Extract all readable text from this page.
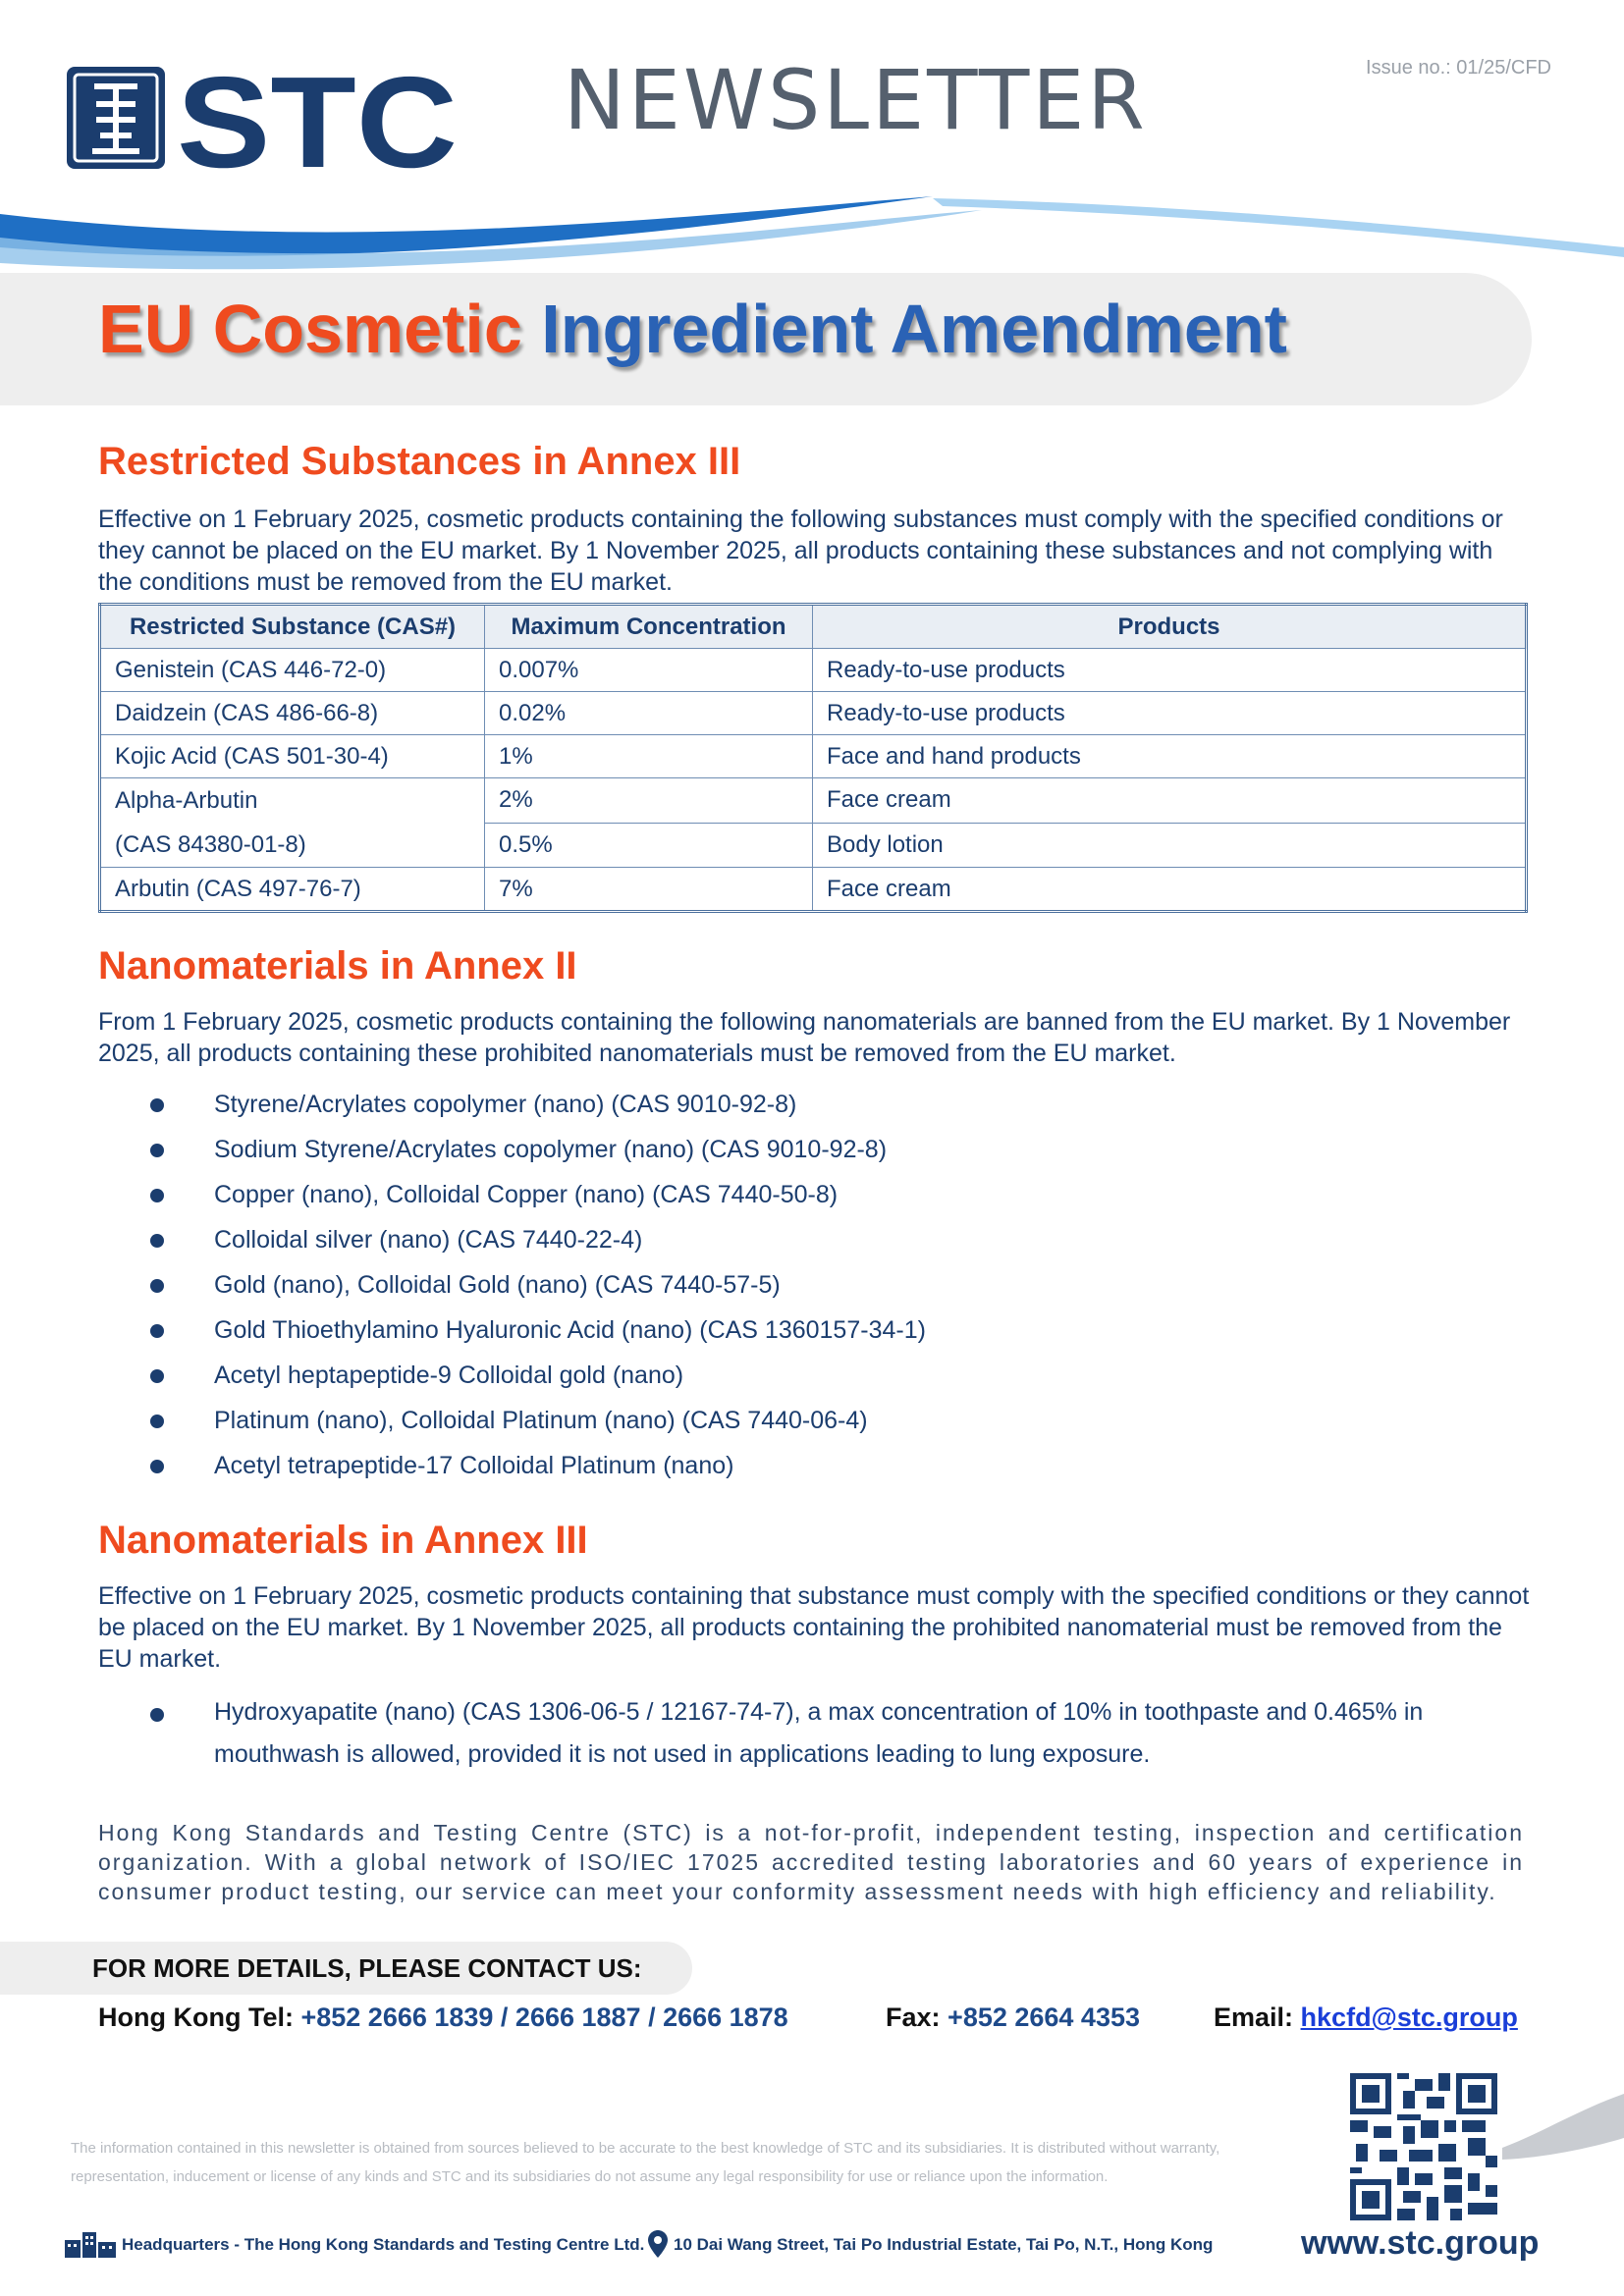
STC NEWSLETTER	Issue no.: 01/25/CFD
EU Cosmetic Ingredient Amendment
Restricted Substances in Annex III

Effective on 1 February 2025, cosmetic products containing the following substances must comply with the specified conditions or they cannot be placed on the EU market. By 1 November 2025, all products containing these substances and not complying with the conditions must be removed from the EU market.

Restricted Substance (CAS#)	Maximum Concentration	Products
Genistein (CAS 446-72-0)	0.007%	Ready-to-use products
Daidzein (CAS 486-66-8)	0.02%	Ready-to-use products
Kojic Acid (CAS 501-30-4)	1%	Face and hand products

Alpha-Arbutin
(CAS 84380-01-8)	2%	Face cream
	0.5%	Body lotion
Arbutin (CAS 497-76-7)	7%	Face cream
Nanomaterials in Annex II

From 1 February 2025, cosmetic products containing the following nanomaterials are banned from the EU market. By 1 November 2025, all products containing these prohibited nanomaterials must be removed from the EU market.

Styrene/Acrylates copolymer (nano) (CAS 9010-92-8)
Sodium Styrene/Acrylates copolymer (nano) (CAS 9010-92-8)
Copper (nano), Colloidal Copper (nano) (CAS 7440-50-8)
Colloidal silver (nano) (CAS 7440-22-4)
Gold (nano), Colloidal Gold (nano) (CAS 7440-57-5)
Gold Thioethylamino Hyaluronic Acid (nano) (CAS 1360157-34-1)
Acetyl heptapeptide-9 Colloidal gold (nano)
Platinum (nano), Colloidal Platinum (nano) (CAS 7440-06-4)
Acetyl tetrapeptide-17 Colloidal Platinum (nano)
Nanomaterials in Annex III

Effective on 1 February 2025, cosmetic products containing that substance must comply with the specified conditions or they cannot be placed on the EU market. By 1 November 2025, all products containing the prohibited nanomaterial must be removed from the EU market.

Hydroxyapatite (nano) (CAS 1306-06-5 / 12167-74-7), a max concentration of 10% in toothpaste and 0.465% in mouthwash is allowed, provided it is not used in applications leading to lung exposure.

Hong Kong Standards and Testing Centre (STC) is a not-for-profit, independent testing, inspection and certification organization. With a global network of ISO/IEC 17025 accredited testing laboratories and 60 years of experience in consumer product testing, our service can meet your conformity assessment needs with high efficiency and reliability.

FOR MORE DETAILS, PLEASE CONTACT US:
Hong Kong Tel: +852 2666 1839 / 2666 1887 / 2666 1878	Fax: +852 2664 4353	Email: hkcfd@stc.group

The information contained in this newsletter is obtained from sources believed to be accurate to the best knowledge of STC and its subsidiaries. It is distributed without warranty, representation, inducement or license of any kinds and STC and its subsidiaries do not assume any legal responsibility for use or reliance upon the information.

Headquarters - The Hong Kong Standards and Testing Centre Ltd. 10 Dai Wang Street, Tai Po Industrial Estate, Tai Po, N.T., Hong Kong	www.stc.group
